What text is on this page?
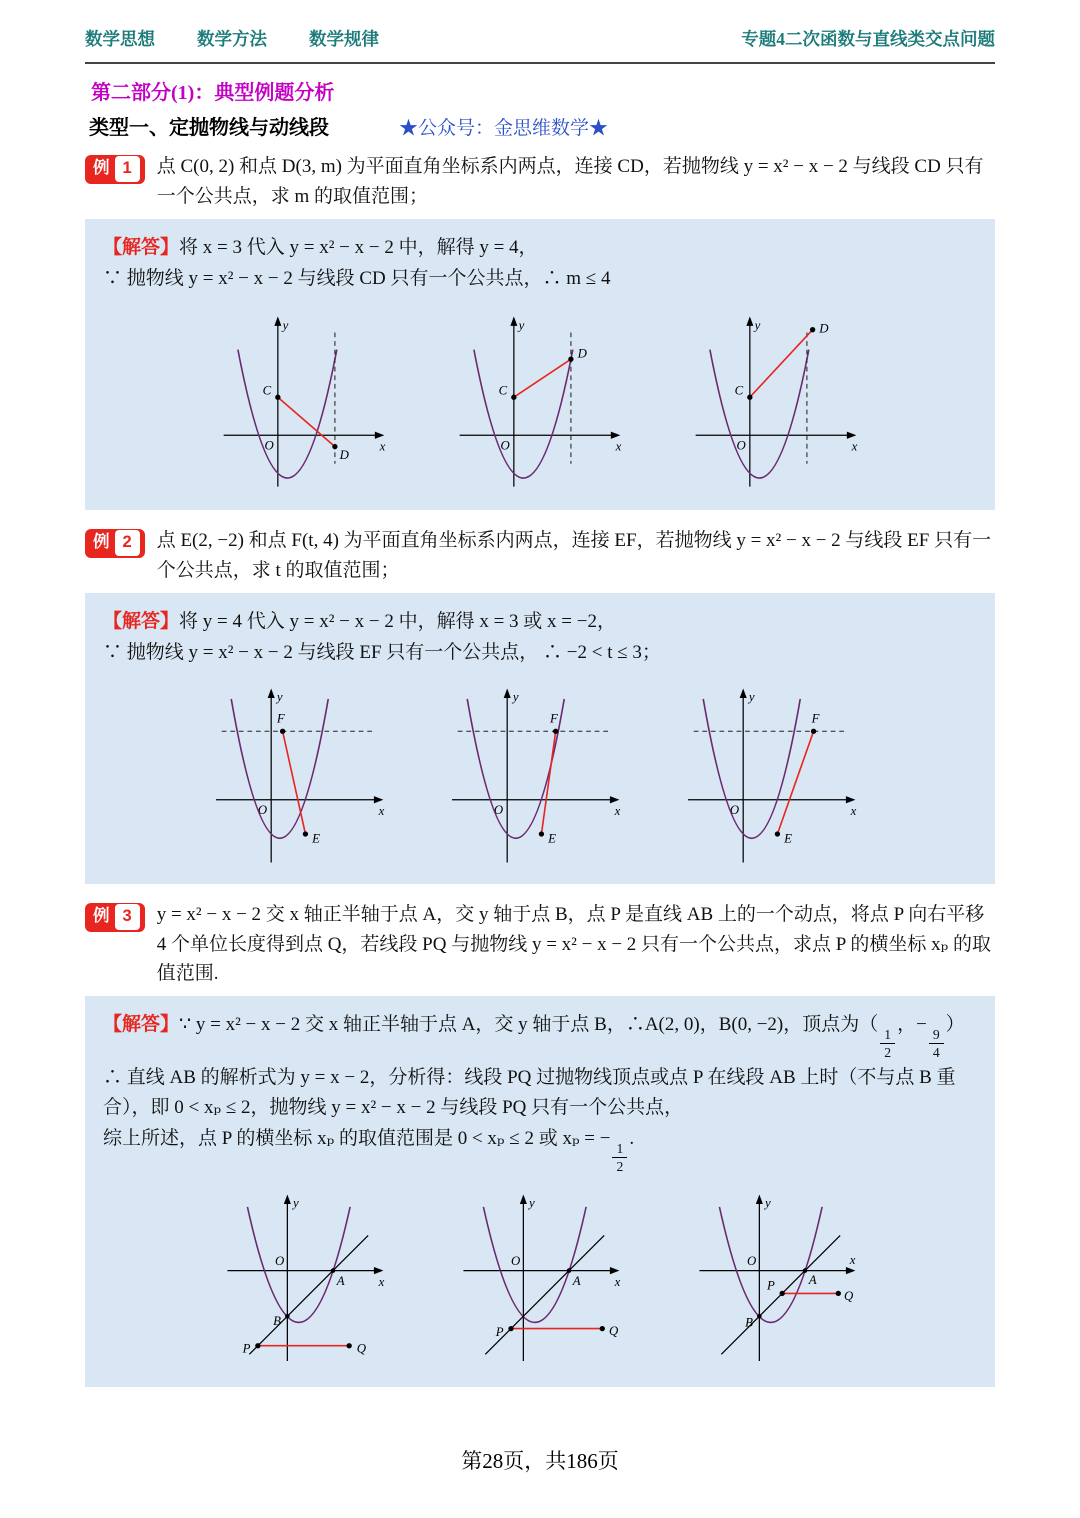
数学思想 数学方法 数学规律	专题4二次函数与直线类交点问题
第二部分(1)：典型例题分析
类型一、定抛物线与动线段	★公众号：金思维数学★
例 1	点 C(0, 2) 和点 D(3, m) 为平面直角坐标系内两点，连接 CD，若抛物线 y = x² − x − 2 与线段 CD 只有一个公共点，求 m 的取值范围；

【解答】将 x = 3 代入 y = x² − x − 2 中，解得 y = 4，

∵ 抛物线 y = x² − x − 2 与线段 CD 只有一个公共点，∴ m ≤ 4

y
x
O
C
D
y
x
O
C
D
y
x
O
C
D
例 2	点 E(2, −2) 和点 F(t, 4) 为平面直角坐标系内两点，连接 EF，若抛物线 y = x² − x − 2 与线段 EF 只有一个公共点，求 t 的取值范围；

【解答】将 y = 4 代入 y = x² − x − 2 中，解得 x = 3 或 x = −2，

∵ 抛物线 y = x² − x − 2 与线段 EF 只有一个公共点， ∴ −2 < t ≤ 3；

y
x
O
F
E
y
x
O
F
E
y
x
O
F
E
例 3	y = x² − x − 2 交 x 轴正半轴于点 A，交 y 轴于点 B，点 P 是直线 AB 上的一个动点，将点 P 向右平移 4 个单位长度得到点 Q，若线段 PQ 与抛物线 y = x² − x − 2 只有一个公共点，求点 P 的横坐标 xₚ 的取值范围.

【解答】∵ y = x² − x − 2 交 x 轴正半轴于点 A，交 y 轴于点 B，∴A(2, 0)，B(0, −2)，顶点为（
$\frac{1}{2}$
，−
$\frac{9}{4}$
）

∴ 直线 AB 的解析式为 y = x − 2，分析得：线段 PQ 过抛物线顶点或点 P 在线段 AB 上时（不与点 B 重合），即 0 < xₚ ≤ 2，抛物线 y = x² − x − 2 与线段 PQ 只有一个公共点，

综上所述，点 P 的横坐标 xₚ 的取值范围是 0 < xₚ ≤ 2 或 xₚ = −
$\frac{1}{2}$
.

y
x
O
A
B
P	Q
y
x
O
A
P	Q
y
x
O
A
B
P
Q
第28页，共186页
